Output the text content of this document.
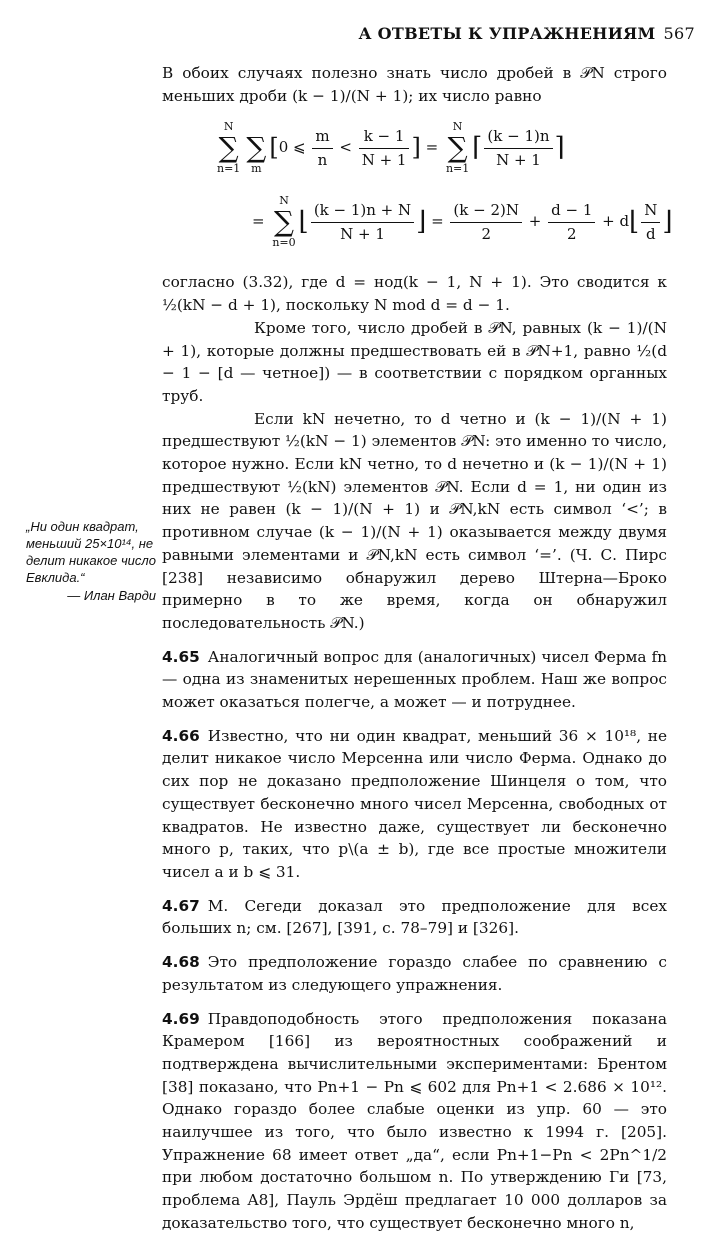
А ОТВЕТЫ К УПРАЖНЕНИЯМ 567
„Ни один квадрат, меньший 25×10¹⁴, не делит никакое число Евклида.“
— Илан Варди

В обоих случаях полезно знать число дробей в 𝒫N строго меньших дроби (k − 1)/(N + 1); их число равно

N
∑
n=1
∑
m[0 ⩽ $\frac{m}{n} < \frac{k - 1}{N + 1}$ ] = N
∑
n=1⌈ $\frac{(k - 1)n}{N + 1}$ ⌉
= N
∑
n=0⌊ $\frac{(k - 1)n + N}{N + 1}$ ⌋ = $\frac{(k - 2)N}{2} + \frac{d - 1}{2}$ + d⌊ $\frac{N}{d}$ ⌋

согласно (3.32), где d = нод(k − 1, N + 1). Это сводится к ½(kN − d + 1), поскольку N mod d = d − 1.

Кроме того, число дробей в 𝒫N, равных (k − 1)/(N + 1), которые должны предшествовать ей в 𝒫N+1, равно ½(d − 1 − [d — четное]) — в соответствии с порядком органных труб.

Если kN нечетно, то d четно и (k − 1)/(N + 1) предшествуют ½(kN − 1) элементов 𝒫N: это именно то число, которое нужно. Если kN четно, то d нечетно и (k − 1)/(N + 1) предшествуют ½(kN) элементов 𝒫N. Если d = 1, ни один из них не равен (k − 1)/(N + 1) и 𝒫N,kN есть символ ‘<’; в противном случае (k − 1)/(N + 1) оказывается между двумя равными элементами и 𝒫N,kN есть символ ‘=’. (Ч. С. Пирс [238] независимо обнаружил дерево Штерна—Броко примерно в то же время, когда он обнаружил последовательность 𝒫N.)

4.65 Аналогичный вопрос для (аналогичных) чисел Ферма fn — одна из знаменитых нерешенных проблем. Наш же вопрос может оказаться полегче, а может — и потруднее.

4.66 Известно, что ни один квадрат, меньший 36 × 10¹⁸, не делит никакое число Мерсенна или число Ферма. Однако до сих пор не доказано предположение Шинцеля о том, что существует бесконечно много чисел Мерсенна, свободных от квадратов. Не известно даже, существует ли бесконечно много p, таких, что p\(a ± b), где все простые множители чисел a и b ⩽ 31.

4.67 М. Сегеди доказал это предположение для всех больших n; см. [267], [391, с. 78–79] и [326].

4.68 Это предположение гораздо слабее по сравнению с результатом из следующего упражнения.

4.69 Правдоподобность этого предположения показана Крамером [166] из вероятностных соображений и подтверждена вычислительными экспериментами: Брентом [38] показано, что Pn+1 − Pn ⩽ 602 для Pn+1 < 2.686 × 10¹². Однако гораздо более слабые оценки из упр. 60 — это наилучшее из того, что было известно к 1994 г. [205]. Упражнение 68 имеет ответ „да“, если Pn+1−Pn < 2Pn^1/2 при любом достаточно большом n. По утверждению Ги [73, проблема A8], Пауль Эрдёш предлагает 10 000 долларов за доказательство того, что существует бесконечно много n,
